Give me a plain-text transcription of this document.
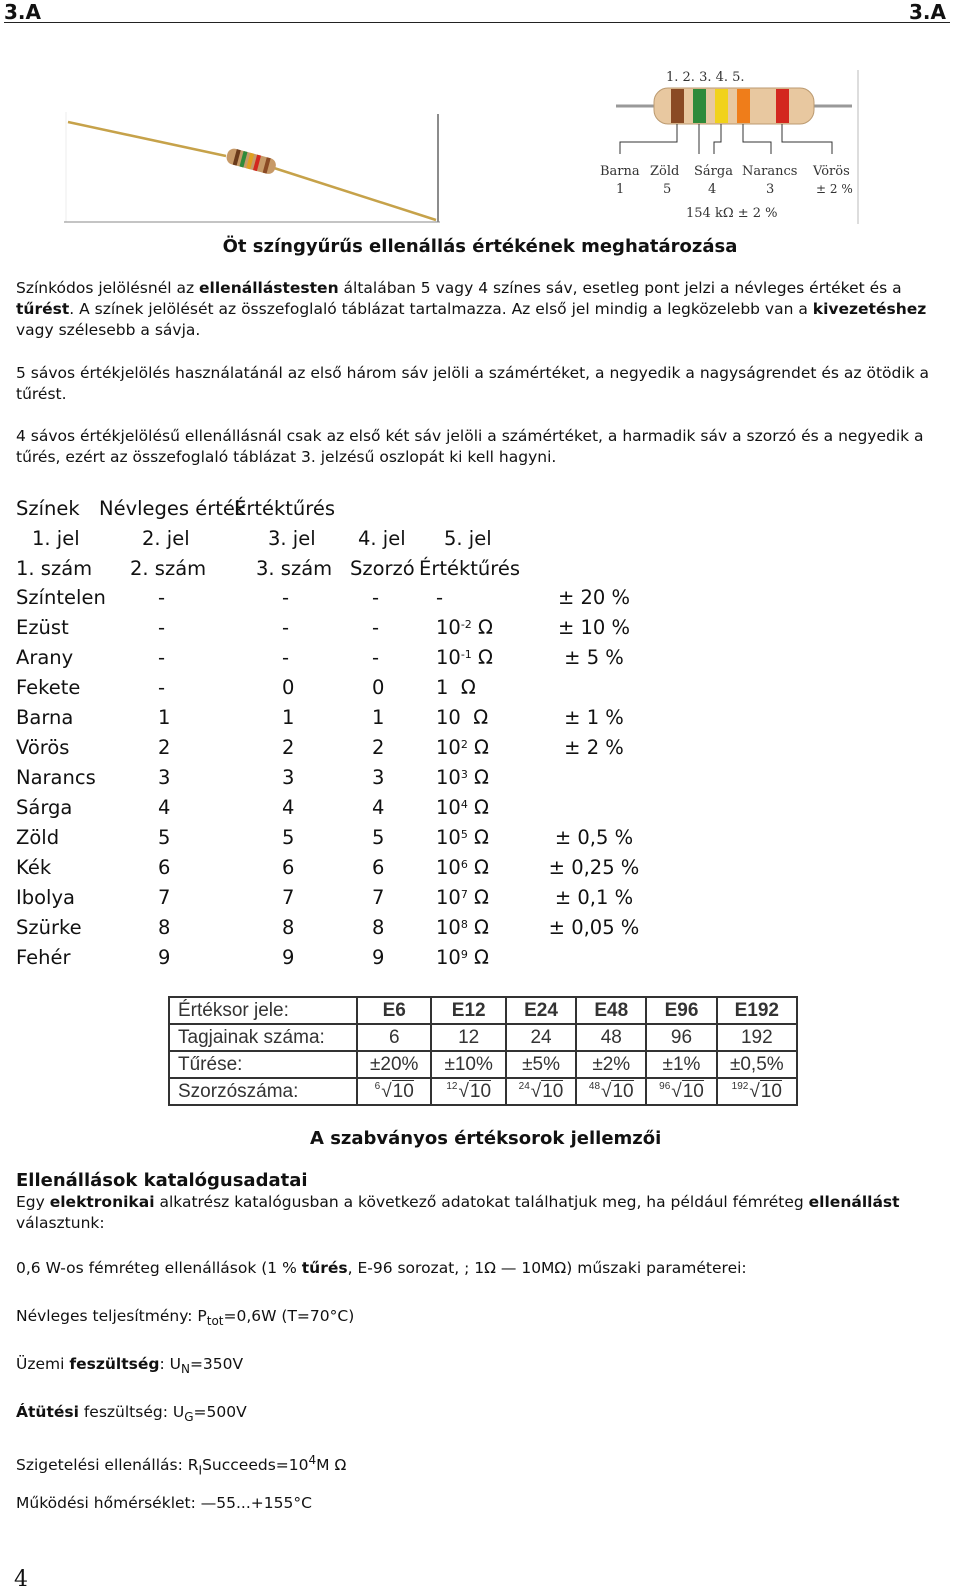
3.A	3.A
1. 2. 3. 4. 5.
Barna Zöld Sárga Narancs Vörös
1	5	4	3	± 2 %
154 kΩ ± 2 %
Öt színgyűrűs ellenállás értékének meghatározása
Színkódos jelölésnél az ellenállástesten általában 5 vagy 4 színes sáv, esetleg pont jelzi a névleges értéket és a tűrést. A színek jelölését az összefoglaló táblázat tartalmazza. Az első jel mindig a legközelebb van a kivezetéshez vagy szélesebb a sávja.
5 sávos értékjelölés használatánál az első három sáv jelöli a számértéket, a negyedik a nagyságrendet és az ötödik a tűrést.
4 sávos értékjelölésű ellenállásnál csak az első két sáv jelöli a számértéket, a harmadik sáv a szorzó és a negyedik a tűrés, ezért az összefoglaló táblázat 3. jelzésű oszlopát ki kell hagyni.
Színek Névleges érték
Értéktűrés
1. jel	2. jel	3. jel 4. jel 5. jel
1. szám 2. szám	3. szám Szorzó Értéktűrés
Színtelen	-	-	-	-	± 20 %
Ezüst	-	-	-	$10^{-2}$ Ω	± 10 %
Arany	-	-	-	$10^{-1}$ Ω	± 5 %
Fekete	-	0	0	1  Ω
Barna	1	1	1	10  Ω	± 1 %
Vörös	2	2	2	$10^2$ Ω	± 2 %
Narancs	3	3	3	$10^3$ Ω
Sárga	4	4	4	$10^4$ Ω
Zöld	5	5	5	$10^5$ Ω	± 0,5 %
Kék	6	6	6	$10^6$ Ω	± 0,25 %
Ibolya	7	7	7	$10^7$ Ω	± 0,1 %
Szürke	8	8	8	$10^8$ Ω	± 0,05 %
Fehér	9	9	9	$10^9$ Ω
Értéksor jele:	E6	E12	E24	E48	E96	E192
Tagjainak száma:	6	12	24	48	96	192
Tűrése:	±20%	±10%	±5%	±2%	±1%	±0,5%
Szorzószáma:	$^6$√10	$^{12}$√10	$^{24}$√10	$^{48}$√10	$^{96}$√10	$^{192}$√10
A szabványos értéksorok jellemzői
Ellenállások katalógusadatai
Egy elektronikai alkatrész katalógusban a következő adatokat találhatjuk meg, ha például fémréteg ellenállást választunk:
0,6 W-os fémréteg ellenállások (1 % tűrés, E-96 sorozat, ; 1Ω — 10MΩ) műszaki paraméterei:
Névleges teljesítmény: $P_{tot}=0,6W$ (T=70°C)
Üzemi feszültség: $U_N=350V$
Átütési feszültség: $U_G=500V$
Szigetelési ellenállás: $R_ISucceeds=10^4M$ Ω
Működési hőmérséklet: —55...+155°C
4
